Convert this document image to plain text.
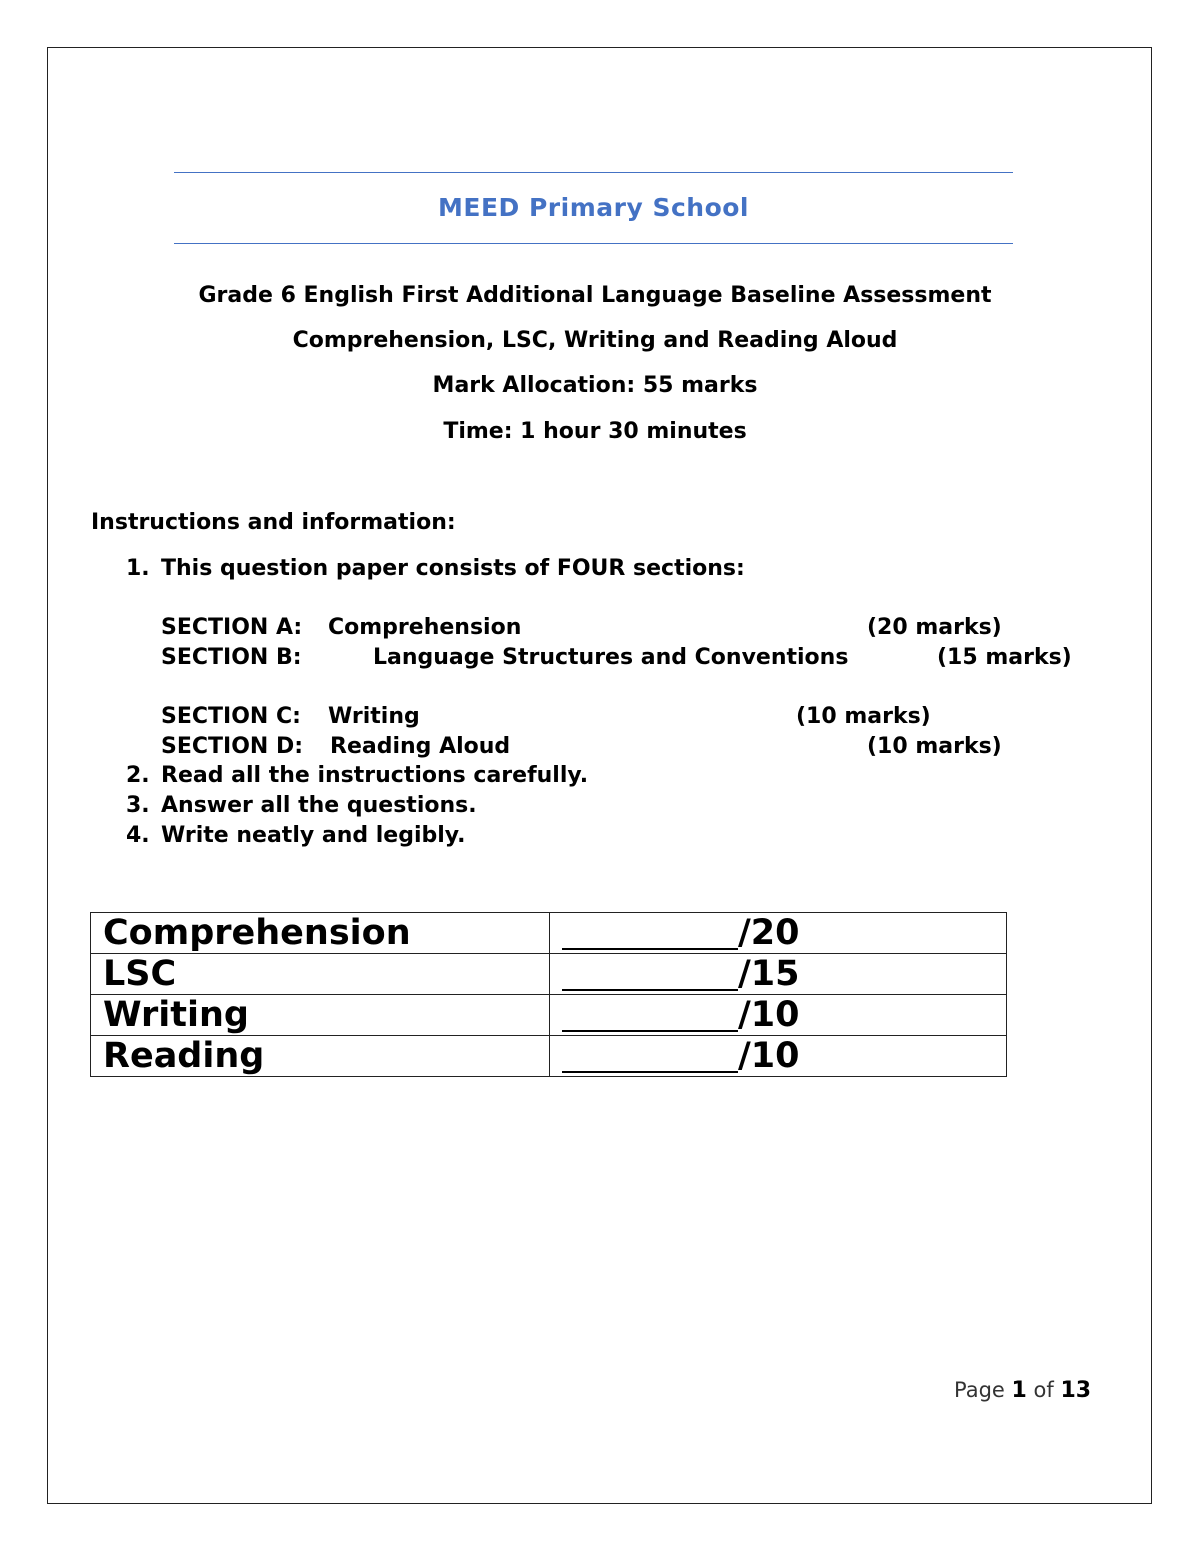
MEED Primary School
Grade 6 English First Additional Language Baseline Assessment
Comprehension, LSC, Writing and Reading Aloud
Mark Allocation: 55 marks
Time: 1 hour 30 minutes
Instructions and information:
1. This question paper consists of FOUR sections:
SECTION A: Comprehension	(20 marks)
SECTION B:	Language Structures and Conventions	(15 marks)
SECTION C: Writing	(10 marks)
SECTION D: Reading Aloud	(10 marks)
2. Read all the instructions carefully.
3. Answer all the questions.
4. Write neatly and legibly.
Comprehension	/20
LSC	/15
Writing	/10
Reading	/10
Page 1 of 13
